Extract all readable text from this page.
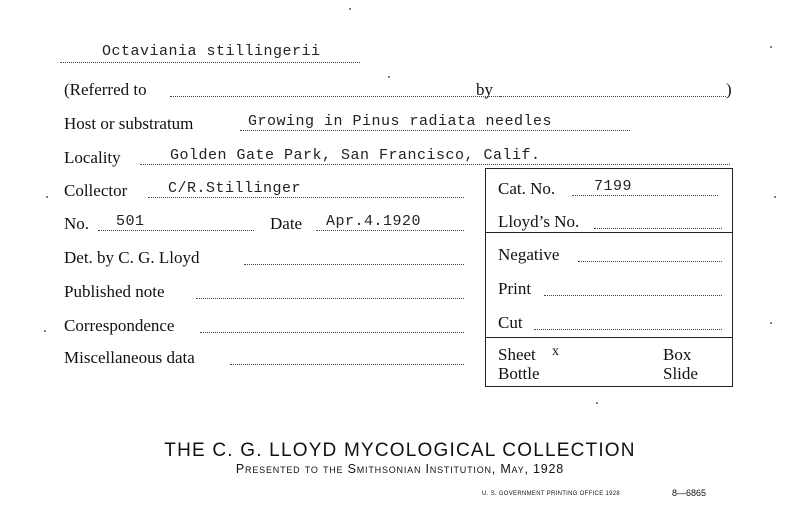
Octaviania stillingerii
(Referred to	by	)
Host or substratum	Growing in Pinus radiata needles
Locality	Golden Gate Park, San Francisco, Calif.
Collector	C/R.Stillinger
No. 501	Date Apr.4.1920
Det. by C. G. Lloyd
Published note
Correspondence
Miscellaneous data
Cat. No.	7199
Lloyd’s No.
Negative
Print
Cut
Sheet x	Box
Bottle	Slide
THE C. G. LLOYD MYCOLOGICAL COLLECTION
Presented to the Smithsonian Institution, May, 1928
U. S. GOVERNMENT PRINTING OFFICE 1928	8—6865
